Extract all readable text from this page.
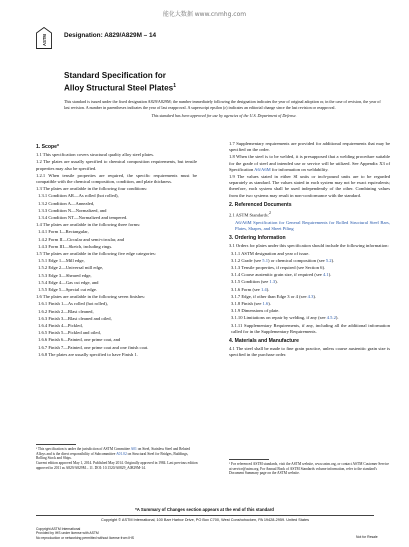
能化大数据 www.cnmhg.com
ASTM	Designation: A829/A829M – 14
Standard Specification for
Alloy Structural Steel Plates$^1$

This standard is issued under the fixed designation A829/A829M; the number immediately following the designation indicates the year of original adoption or, in the case of revision, the year of last revision. A number in parentheses indicates the year of last reapproval. A superscript epsilon (ε) indicates an editorial change since the last revision or reapproval.

This standard has been approved for use by agencies of the U.S. Department of Defense.

1. Scope*

1.1 This specification covers structural quality alloy steel plates.

1.2 The plates are usually specified to chemical composition requirements, but tensile properties may also be specified.

1.2.1 When tensile properties are required, the specific requirements must be compatible with the chemical composition, condition, and plate thickness.

1.3 The plates are available in the following four conditions:

1.3.1 Condition AR—As rolled (hot rolled),

1.3.2 Condition A—Annealed,

1.3.3 Condition N—Normalized, and

1.3.4 Condition NT—Normalized and tempered.

1.4 The plates are available in the following three forms:

1.4.1 Form I—Rectangular,

1.4.2 Form II—Circular and semi-circular, and

1.4.3 Form III—Sketch, including rings.

1.5 The plates are available in the following five edge categories:

1.5.1 Edge 1—Mill edge,

1.5.2 Edge 2—Universal mill edge,

1.5.3 Edge 3—Sheared edge,

1.5.4 Edge 4—Gas cut edge, and

1.5.5 Edge 5—Special cut edge.

1.6 The plates are available in the following seven finishes:

1.6.1 Finish 1—As rolled (hot rolled),

1.6.2 Finish 2—Blast cleaned,

1.6.3 Finish 3—Blast cleaned and oiled,

1.6.4 Finish 4—Pickled,

1.6.5 Finish 5—Pickled and oiled,

1.6.6 Finish 6—Painted, one prime coat, and

1.6.7 Finish 7—Painted, one prime coat and one finish coat.

1.6.8 The plates are usually specified to have Finish 1.

¹ This specification is under the jurisdiction of ASTM Committee A01 on Steel, Stainless Steel and Related Alloys and is the direct responsibility of Subcommittee A01.02 on Structural Steel for Bridges, Buildings, Rolling Stock and Ships.

Current edition approved May 1, 2014. Published May 2014. Originally approved in 1984. Last previous edition approved in 2011 as A829/A829M – 11. DOI: 10.1520/A0829_A0829M-14.

1.7 Supplementary requirements are provided for additional requirements that may be specified on the order.

1.8 When the steel is to be welded, it is presupposed that a welding procedure suitable for the grade of steel and intended use or service will be utilized. See Appendix X3 of Specification A6/A6M for information on weldability.

1.9 The values stated in either SI units or inch-pound units are to be regarded separately as standard. The values stated in each system may not be exact equivalents; therefore, each system shall be used independently of the other. Combining values from the two systems may result in non-conformance with the standard.

2. Referenced Documents

2.1 ASTM Standards:$^2$

A6/A6M Specification for General Requirements for Rolled Structural Steel Bars, Plates, Shapes, and Sheet Piling

3. Ordering Information

3.1 Orders for plates under this specification should include the following information:

3.1.1 ASTM designation and year of issue.

3.1.2 Grade (see 5.1) or chemical composition (see 5.2).

3.1.3 Tensile properties, if required (see Section 6).

3.1.4 Coarse austenitic grain size, if required (see 4.1).

3.1.5 Condition (see 1.3).

3.1.6 Form (see 1.4).

3.1.7 Edge, if other than Edge 3 or 4 (see 4.3).

3.1.8 Finish (see 1.6).

3.1.9 Dimensions of plate.

3.1.10 Limitations on repair by welding, if any (see 4.5.2).

3.1.11 Supplementary Requirements, if any, including all the additional information called for in the Supplementary Requirements.

4. Materials and Manufacture

4.1 The steel shall be made to fine grain practice, unless coarse austenitic grain size is specified in the purchase order.

² For referenced ASTM standards, visit the ASTM website, www.astm.org, or contact ASTM Customer Service at service@astm.org. For Annual Book of ASTM Standards volume information, refer to the standard's Document Summary page on the ASTM website.

*A Summary of Changes section appears at the end of this standard
Copyright © ASTM International, 100 Barr Harbor Drive, PO Box C700, West Conshohocken, PA 19428-2959. United States

Copyright ASTM International

Provided by IHS under license with ASTM

No reproduction or networking permitted without license from IHS	Not for Resale
